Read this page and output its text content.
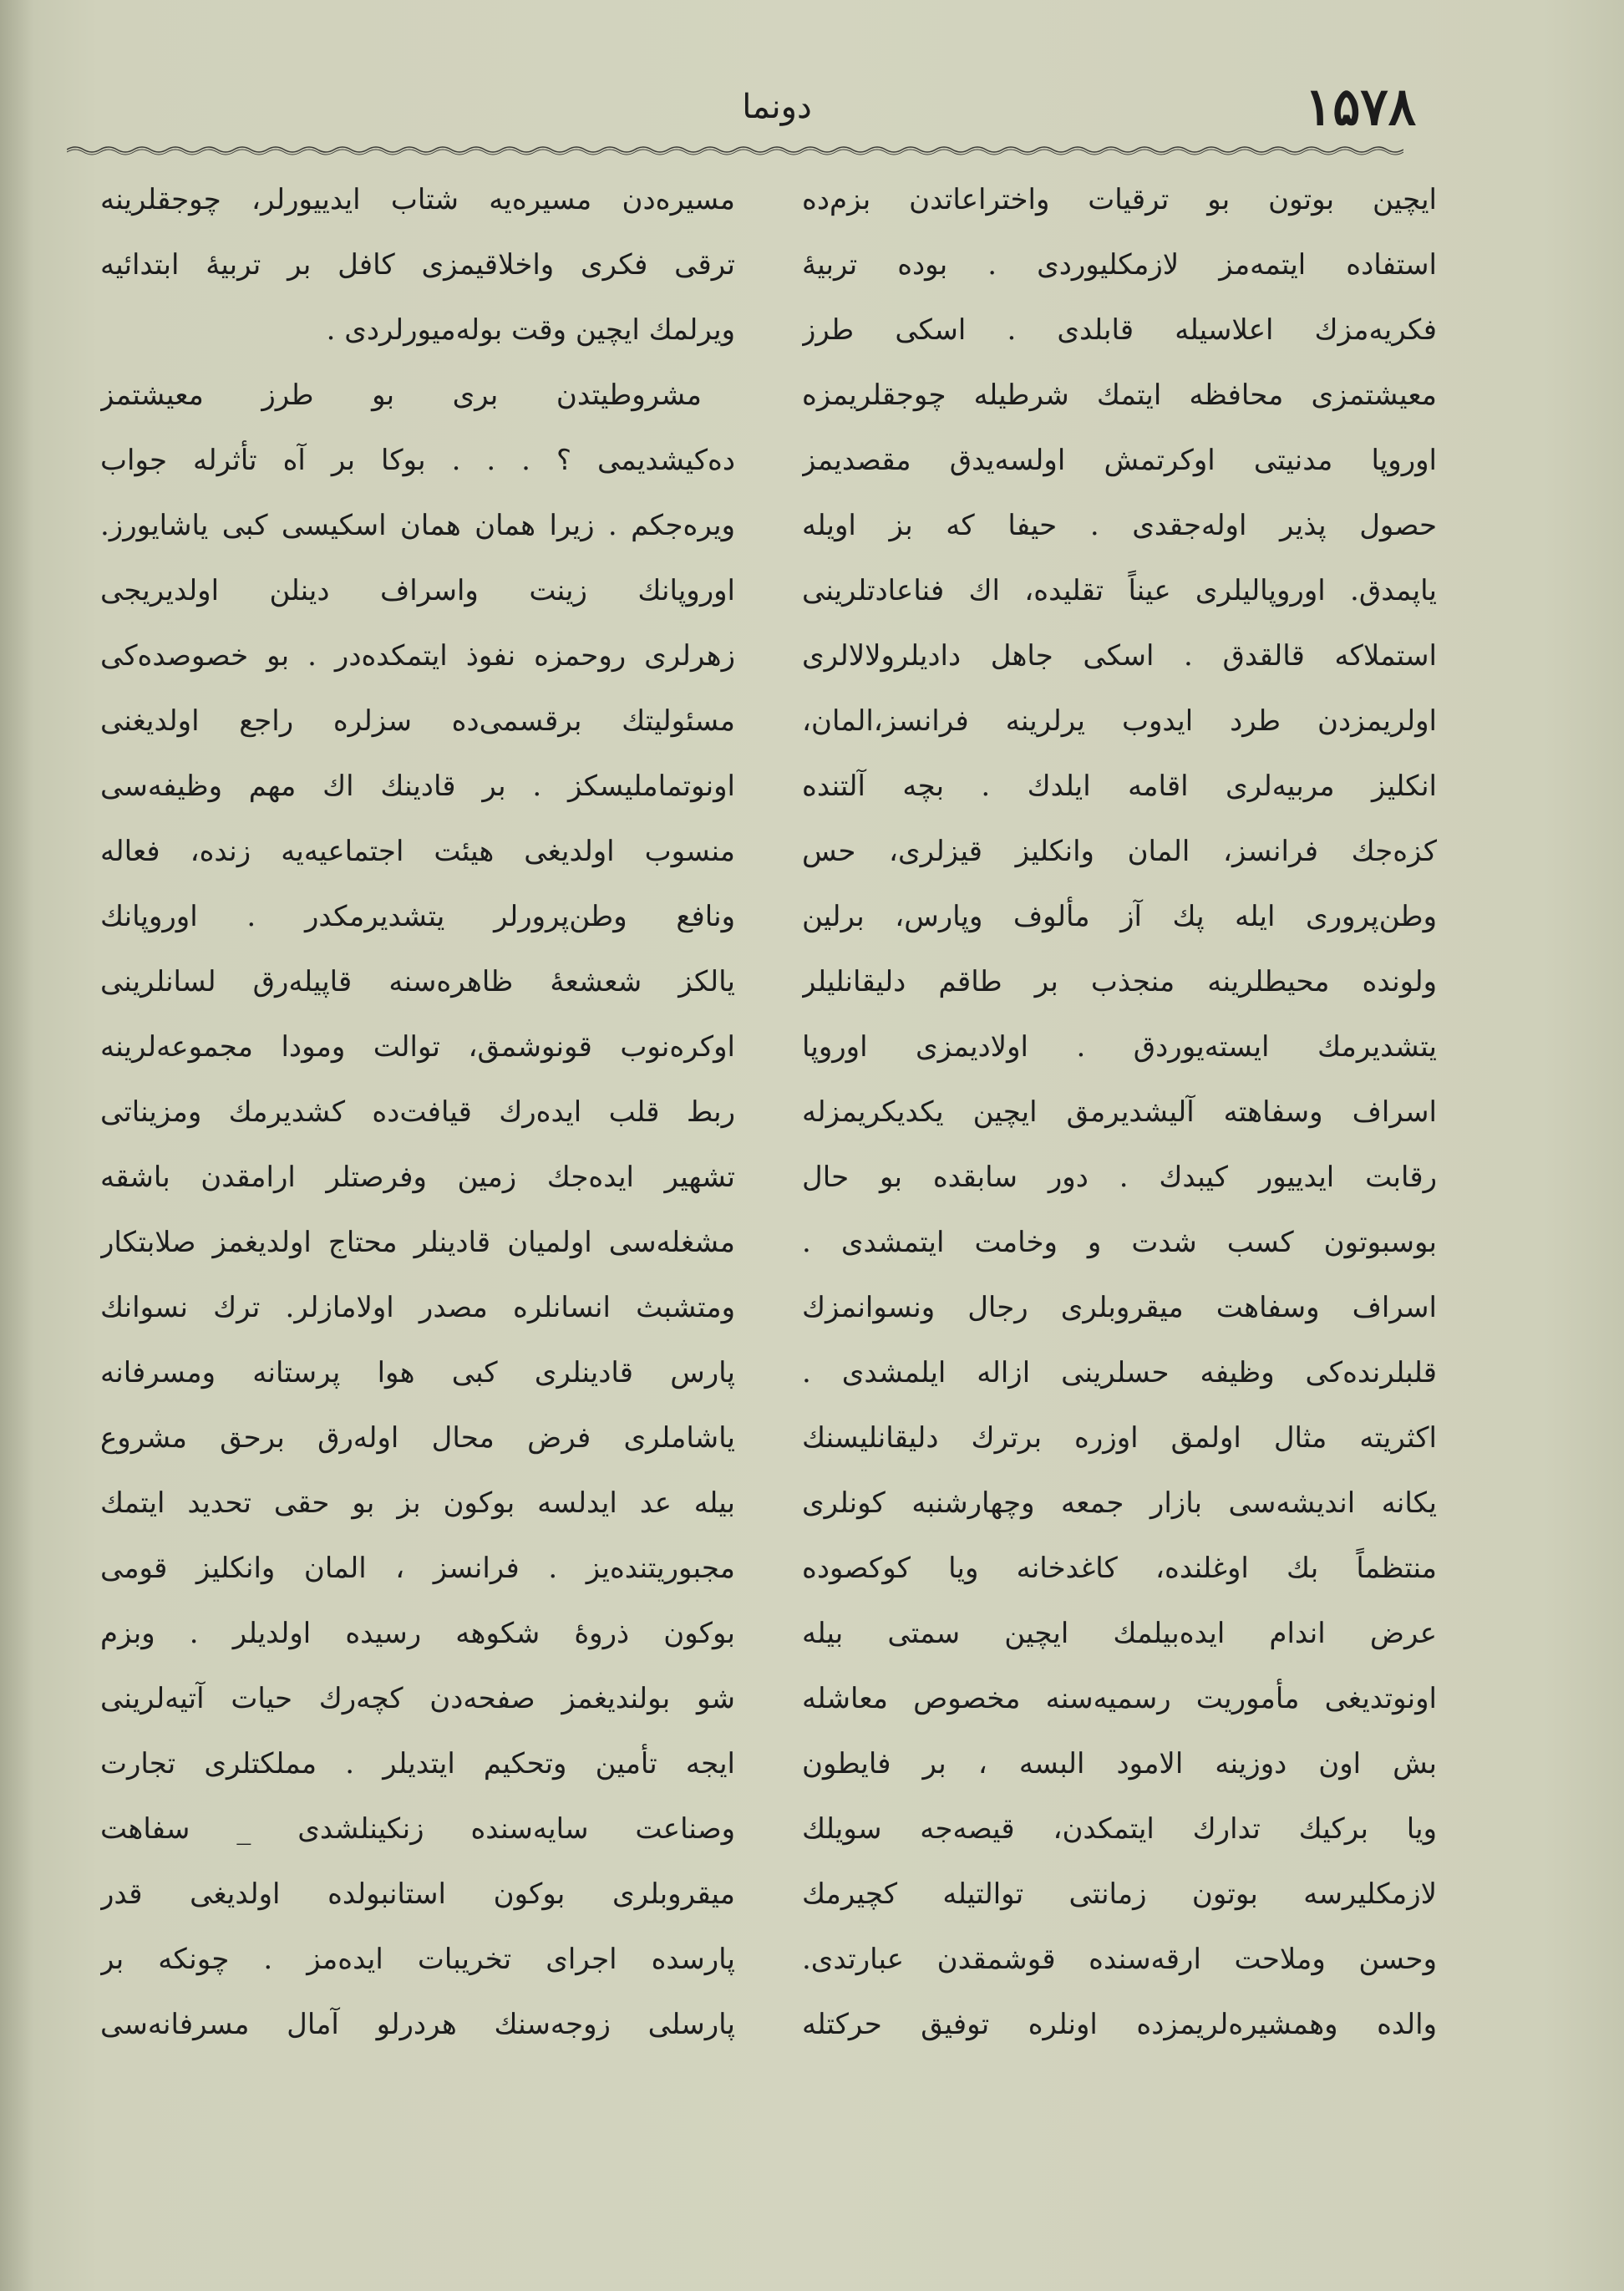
۱۵۷۸
دونما
ایچین بوتون بو ترقیات واختراعاتدن بزم‌ده
استفاده ایتمه‌مز لازمکلیوردی . بوده تربیهٔ
فکریه‌مزك اعلاسیله قابلدی . اسکی طرز
معیشتمزی محافظه ایتمك شرطیله چوجقلریمزه
اوروپا مدنیتی اوکرتمش اولسه‌یدق مقصدیمز
حصول پذیر اوله‌جقدی . حیفا که بز اویله
یاپمدق. اوروپالیلری عیناً تقلیده، اك فناعادتلرینی
استملاکه قالقدق . اسکی جاهل دادیلرولالالری
اولریمزدن طرد ایدوب یرلرینه فرانسز،المان،
انکلیز مربیه‌لری اقامه ایلدك . بچه آلتنده
کزه‌جك فرانسز، المان وانکلیز قیزلری، حس
وطن‌پروری ایله پك آز مألوف وپارس، برلین
ولونده محیطلرینه منجذب بر طاقم دلیقانلیلر
یتشدیرمك ایسته‌یوردق . اولادیمزی اوروپا
اسراف وسفاهته آلیشدیرمق ایچین یکدیکریمزله
رقابت ایدییور کیبدك . دور سابقده بو حال
بوسبوتون کسب شدت و وخامت ایتمشدی .
اسراف وسفاهت میقروبلری رجال ونسوانمزك
قلبلرنده‌کی وظیفه حسلرینی ازاله ایلمشدی .
اکثریته مثال اولمق اوزره برترك دلیقانلیسنك
یکانه اندیشه‌سی بازار جمعه وچهارشنبه کونلری
منتظماً بك اوغلنده، کاغدخانه ویا کوکصوده
عرض اندام ایده‌بیلمك ایچین سمتی بیله
اونوتدیغی مأموریت رسمیه‌سنه مخصوص معاشله
بش اون دوزینه الامود البسه ، بر فایطون
ویا برکیك تدارك ایتمکدن، قیصه‌جه سویلك
لازمکلیرسه بوتون زمانتی توالتیله کچیرمك
وحسن وملاحت ارقه‌سنده قوشمقدن عبارتدی.
والده وهمشیره‌لریمزده اونلره توفیق حرکتله
مسیره‌دن مسیره‌یه شتاب ایدییورلر، چوجقلرینه
ترقی فکری واخلاقیمزی کافل بر تربیهٔ ابتدائیه
ویرلمك ایچین وقت بوله‌میورلردی .
مشروطیتدن بری بو طرز معیشتمز
ده‌کیشدیمی ؟ . . . بوکا بر آه تأثرله جواب
ویره‌جکم . زیرا همان همان اسکیسی کبی یاشایورز.
اوروپانك زینت واسراف دینلن اولدیریجی
زهرلری روحمزه نفوذ ایتمکده‌در . بو خصوصده‌کی
مسئولیتك برقسمی‌ده سزلره راجع اولدیغنی
اونوتمامليسكز . بر قادینك اك مهم وظیفه‌سی
منسوب اولدیغی هیئت اجتماعیه‌یه زنده، فعاله
ونافع وطن‌پرورلر یتشدیرمکدر . اوروپانك
یالکز شعشعهٔ ظاهره‌سنه قاپیله‌رق لسانلرینی
اوکره‌نوب قونوشمق، توالت ومودا مجموعه‌لرینه
ربط قلب ایده‌رك قیافت‌ده کشدیرمك ومزیناتی
تشهیر ایده‌جك زمین وفرصتلر ارامقدن باشقه
مشغله‌سی اولمیان قادینلر محتاج اولدیغمز صلابتکار
ومتشبث انسانلره مصدر اولامازلر. ترك نسوانك
پارس قادینلری کبی هوا پرستانه ومسرفانه
یاشاملری فرض محال اوله‌رق برحق مشروع
بیله عد ایدلسه بوکون بز بو حقی تحدید ایتمك
مجبوریتنده‌یز . فرانسز ، المان وانکلیز قومی
بوکون ذروهٔ شکوهه رسیده اولدیلر . وبزم
شو بولندیغمز صفحه‌دن کچه‌رك حیات آتیه‌لرینی
ایجه تأمین وتحکیم ایتدیلر . مملکتلری تجارت
وصناعت سایه‌سنده زنکینلشدی _ سفاهت
میقروبلری بوکون استانبولده اولدیغی قدر
پارسده اجرای تخریبات ایده‌مز . چونکه بر
پارسلی زوجه‌سنك هردرلو آمال مسرفانه‌سی
